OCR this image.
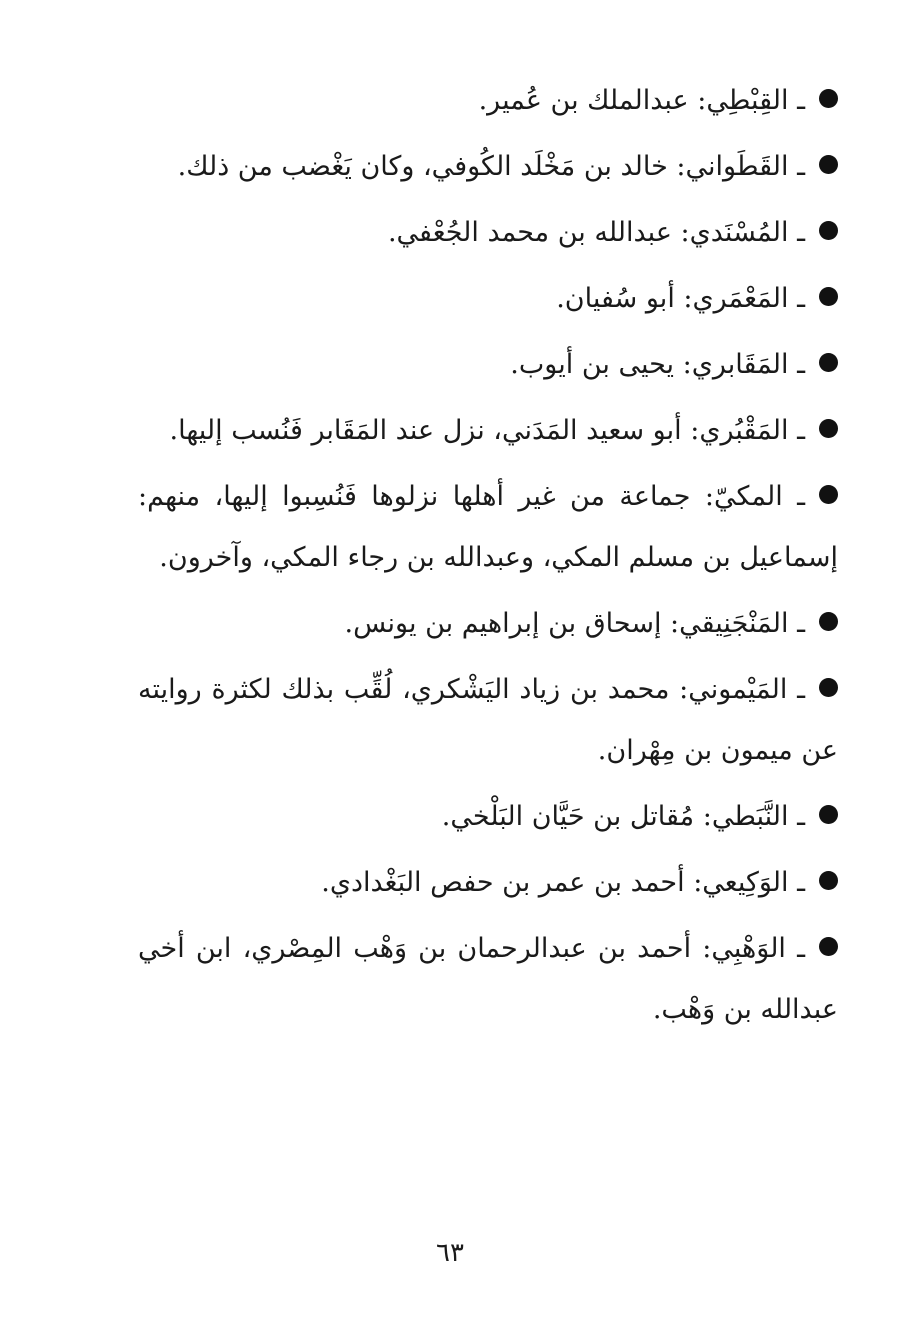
ـ القِبْطِي: عبدالملك بن عُمير.

ـ القَطَواني: خالد بن مَخْلَد الكُوفي، وكان يَغْضب من ذلك.

ـ المُسْنَدي: عبدالله بن محمد الجُعْفي.

ـ المَعْمَري: أبو سُفيان.

ـ المَقَابري: يحيى بن أيوب.

ـ المَقْبُري: أبو سعيد المَدَني، نزل عند المَقَابر فَنُسب إليها.

ـ المكيّ: جماعة من غير أهلها نزلوها فَنُسِبوا إليها، منهم: إسماعيل بن مسلم المكي، وعبدالله بن رجاء المكي، وآخرون.

ـ المَنْجَنِيقي: إسحاق بن إبراهيم بن يونس.

ـ المَيْموني: محمد بن زياد اليَشْكري، لُقِّب بذلك لكثرة روايته عن ميمون بن مِهْران.

ـ النَّبَطي: مُقاتل بن حَيَّان البَلْخي.

ـ الوَكِيعي: أحمد بن عمر بن حفص البَغْدادي.

ـ الوَهْبِي: أحمد بن عبدالرحمان بن وَهْب المِصْري، ابن أخي عبدالله بن وَهْب.

٦٣
